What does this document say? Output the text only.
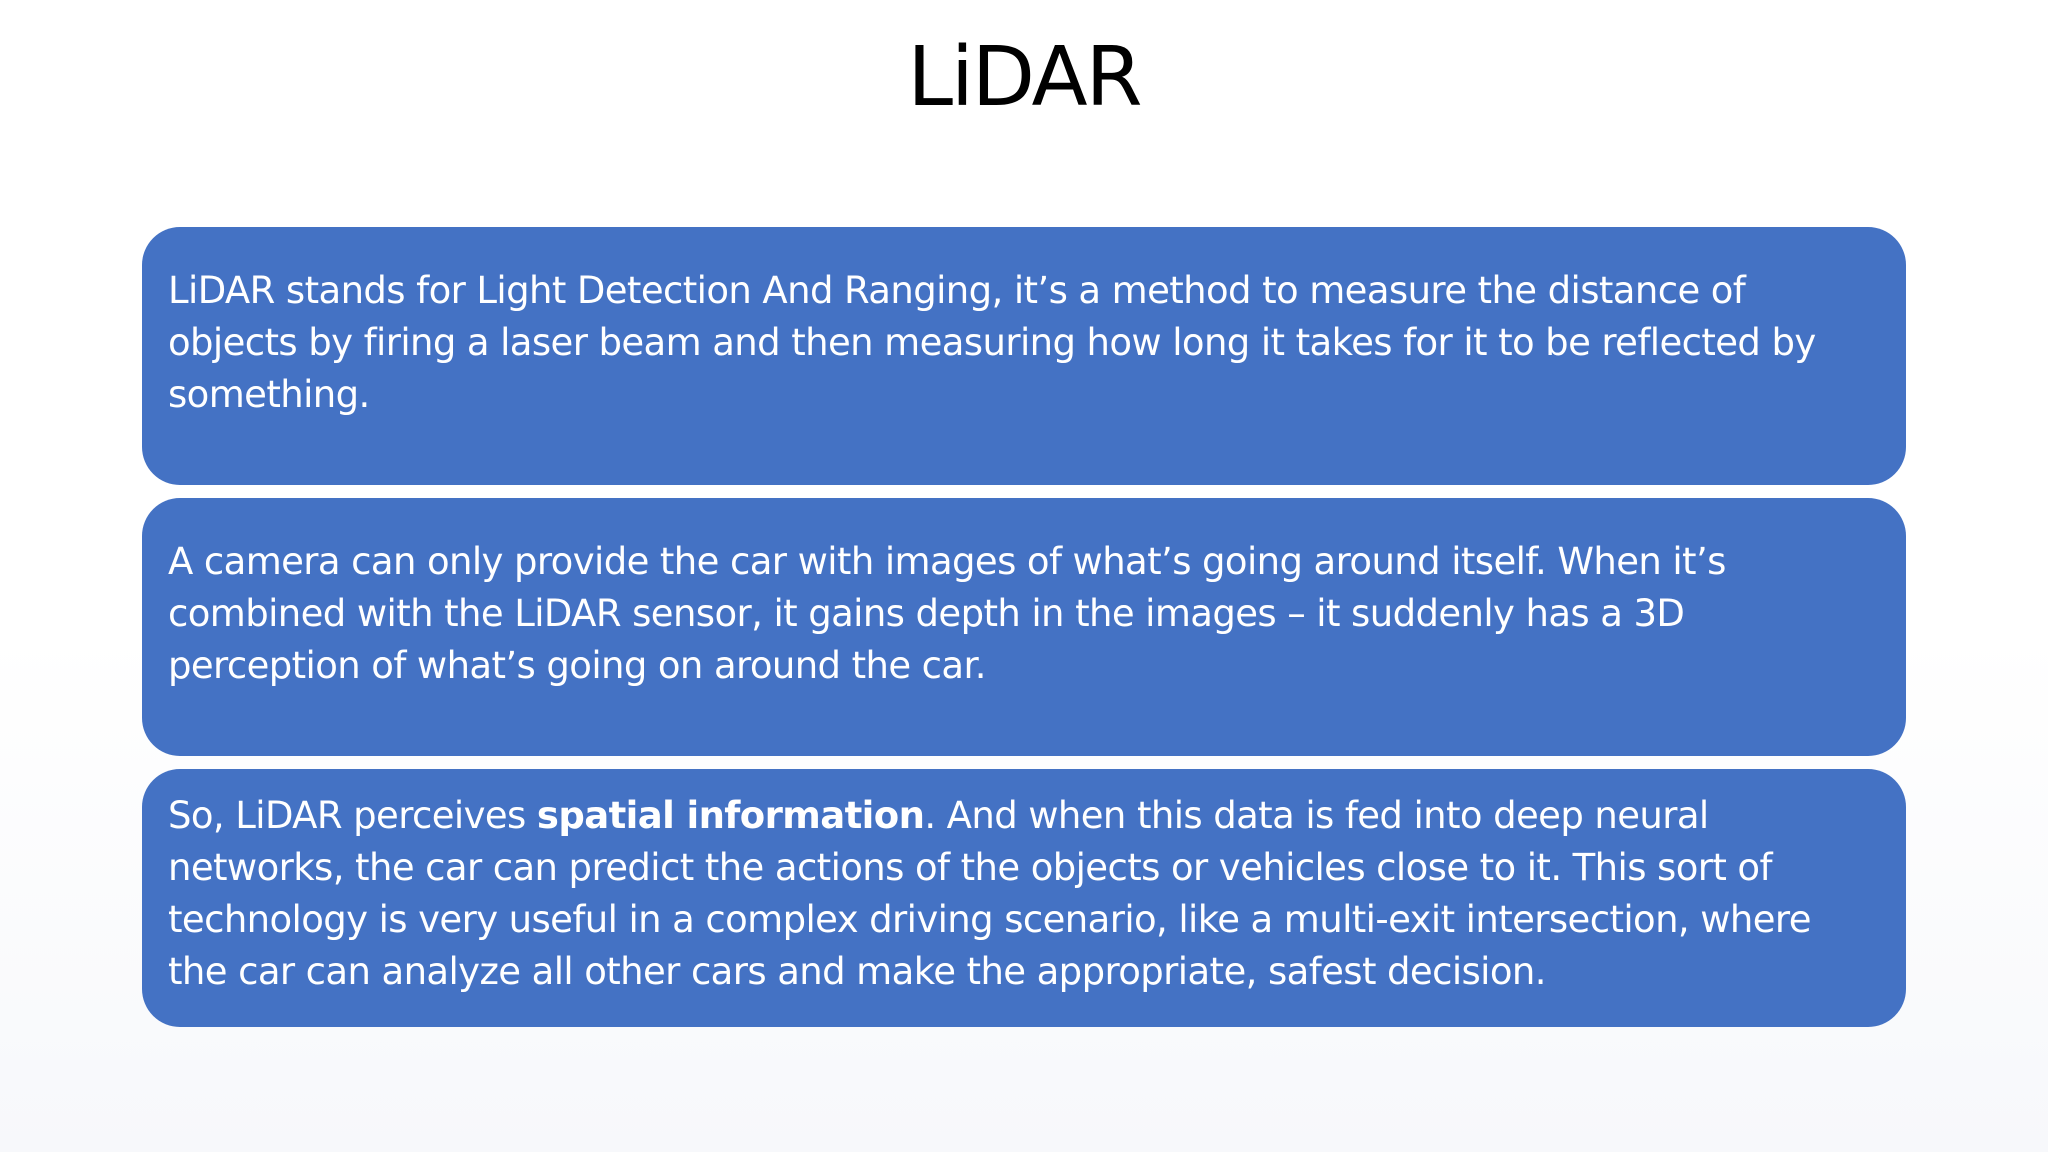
LiDAR

LiDAR stands for Light Detection And Ranging, it’s a method to measure the distance of objects by firing a laser beam and then measuring how long it takes for it to be reflected by something.

A camera can only provide the car with images of what’s going around itself. When it’s combined with the LiDAR sensor, it gains depth in the images – it suddenly has a 3D perception of what’s going on around the car.

So, LiDAR perceives spatial information. And when this data is fed into deep neural networks, the car can predict the actions of the objects or vehicles close to it. This sort of technology is very useful in a complex driving scenario, like a multi-exit intersection, where the car can analyze all other cars and make the appropriate, safest decision.
